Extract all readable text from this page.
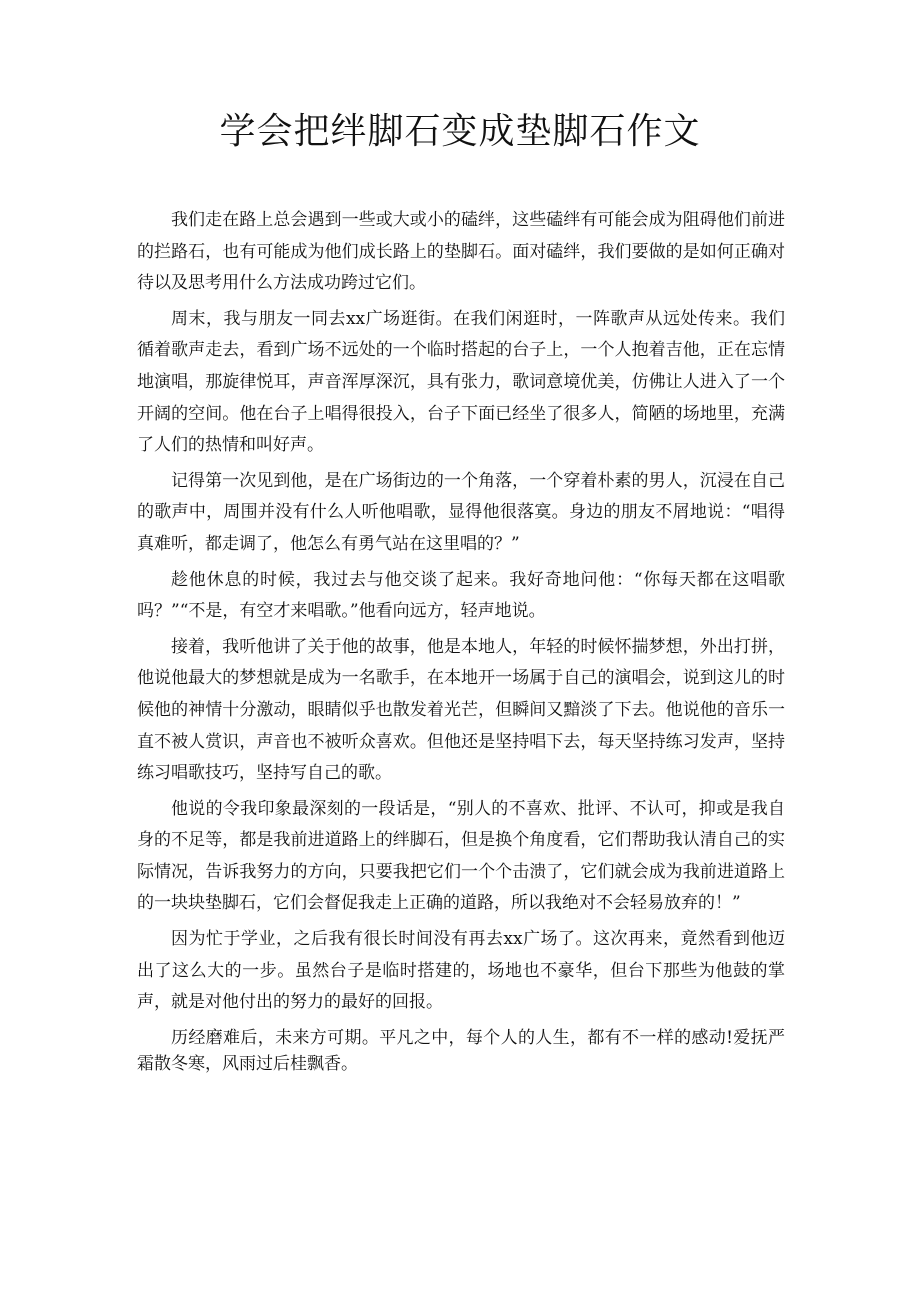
学会把绊脚石变成垫脚石作文

我们走在路上总会遇到一些或大或小的磕绊，这些磕绊有可能会成为阻碍他们前进的拦路石，也有可能成为他们成长路上的垫脚石。面对磕绊，我们要做的是如何正确对待以及思考用什么方法成功跨过它们。

周末，我与朋友一同去xx广场逛街。在我们闲逛时，一阵歌声从远处传来。我们循着歌声走去，看到广场不远处的一个临时搭起的台子上，一个人抱着吉他，正在忘情地演唱，那旋律悦耳，声音浑厚深沉，具有张力，歌词意境优美，仿佛让人进入了一个开阔的空间。他在台子上唱得很投入，台子下面已经坐了很多人，简陋的场地里，充满了人们的热情和叫好声。

记得第一次见到他，是在广场街边的一个角落，一个穿着朴素的男人，沉浸在自己的歌声中，周围并没有什么人听他唱歌，显得他很落寞。身边的朋友不屑地说：“唱得真难听，都走调了，他怎么有勇气站在这里唱的？”

趁他休息的时候，我过去与他交谈了起来。我好奇地问他：“你每天都在这唱歌吗？”“不是，有空才来唱歌。”他看向远方，轻声地说。

接着，我听他讲了关于他的故事，他是本地人，年轻的时候怀揣梦想，外出打拼，他说他最大的梦想就是成为一名歌手，在本地开一场属于自己的演唱会，说到这儿的时候他的神情十分激动，眼睛似乎也散发着光芒，但瞬间又黯淡了下去。他说他的音乐一直不被人赏识，声音也不被听众喜欢。但他还是坚持唱下去，每天坚持练习发声，坚持练习唱歌技巧，坚持写自己的歌。

他说的令我印象最深刻的一段话是，“别人的不喜欢、批评、不认可，抑或是我自身的不足等，都是我前进道路上的绊脚石，但是换个角度看，它们帮助我认清自己的实际情况，告诉我努力的方向，只要我把它们一个个击溃了，它们就会成为我前进道路上的一块块垫脚石，它们会督促我走上正确的道路，所以我绝对不会轻易放弃的！”

因为忙于学业，之后我有很长时间没有再去xx广场了。这次再来，竟然看到他迈出了这么大的一步。虽然台子是临时搭建的，场地也不豪华，但台下那些为他鼓的掌声，就是对他付出的努力的最好的回报。

历经磨难后，未来方可期。平凡之中，每个人的人生，都有不一样的感动!爱抚严霜散冬寒，风雨过后桂飘香。
